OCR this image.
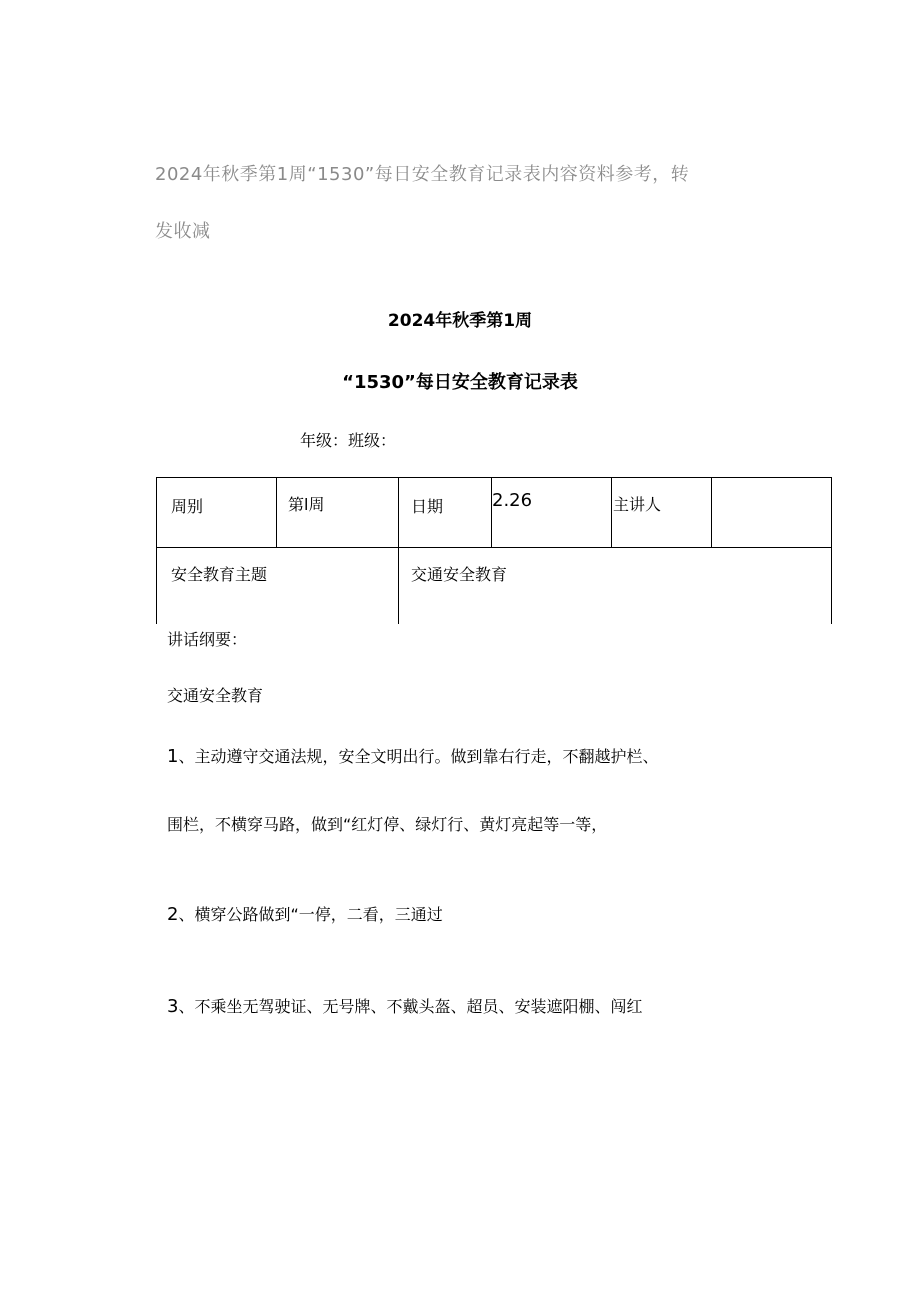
2024年秋季第1周“1530”每日安全教育记录表内容资料参考，转
发收减
2024年秋季第1周
“1530”每日安全教育记录表
年级：班级：
周别	第l周	日期	2.26	主讲人
安全教育主题	交通安全教育
讲话纲要：
交通安全教育
1、主动遵守交通法规，安全文明出行。做到靠右行走，不翻越护栏、
围栏，不横穿马路，做到“红灯停、绿灯行、黄灯亮起等一等，
2、横穿公路做到“一停，二看，三通过
3、不乘坐无驾驶证、无号牌、不戴头盔、超员、安装遮阳棚、闯红
